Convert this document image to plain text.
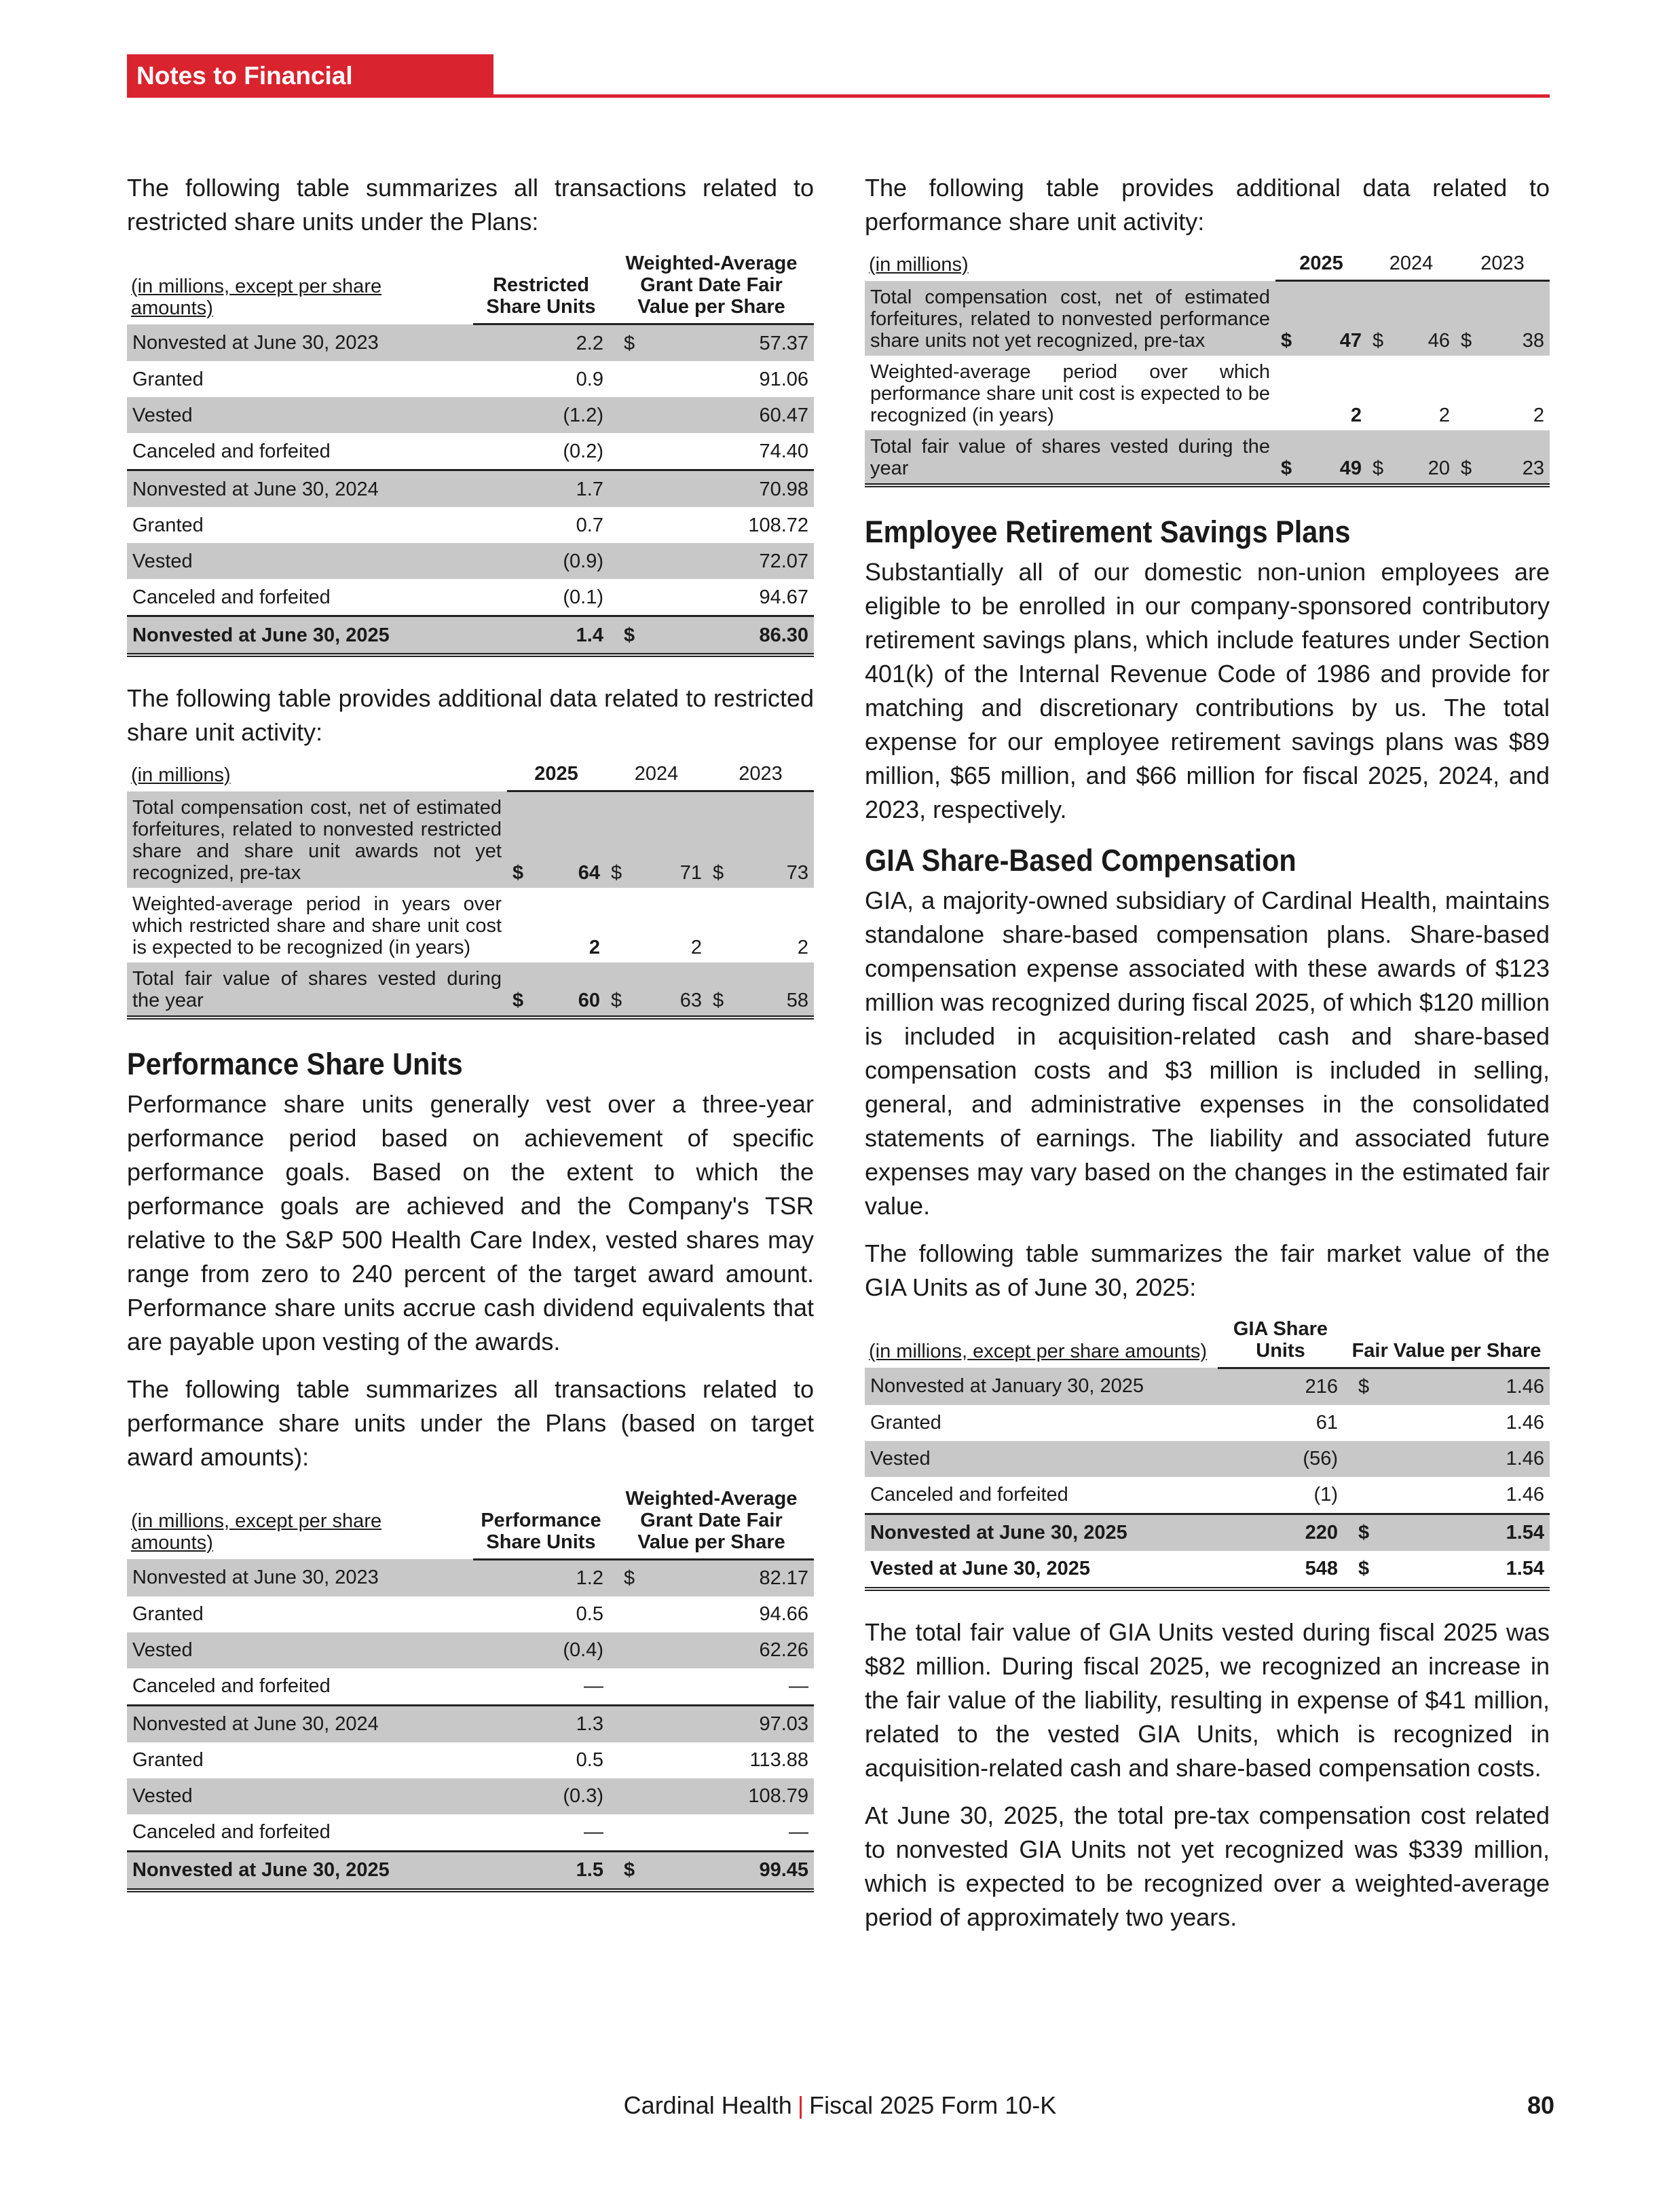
Notes to Financial Statements

The following table summarizes all transactions related to restricted share units under the Plans:

(in millions, except per share amounts)	Restricted Share Units	Weighted-Average Grant Date Fair Value per Share	
Nonvested at June 30, 2023	2.2	$	57.37
Granted	0.9		91.06
Vested	(1.2)		60.47
Canceled and forfeited	(0.2)		74.40
Nonvested at June 30, 2024	1.7		70.98
Granted	0.7		108.72
Vested	(0.9)		72.07
Canceled and forfeited	(0.1)		94.67
Nonvested at June 30, 2025	1.4	$	86.30

The following table provides additional data related to restricted share unit activity:

(in millions)	2025		2024		2023	
Total compensation cost, net of estimated forfeitures, related to nonvested restricted share and share unit awards not yet recognized, pre-tax	$	64	$	71	$	73
Weighted-average period in years over which restricted share and share unit cost is expected to be recognized (in years)		2		2		2
Total fair value of shares vested during the year	$	60	$	63	$	58
Performance Share Units

Performance share units generally vest over a three-year performance period based on achievement of specific performance goals. Based on the extent to which the performance goals are achieved and the Company's TSR relative to the S&P 500 Health Care Index, vested shares may range from zero to 240 percent of the target award amount. Performance share units accrue cash dividend equivalents that are payable upon vesting of the awards.

The following table summarizes all transactions related to performance share units under the Plans (based on target award amounts):

(in millions, except per share amounts)	Performance Share Units	Weighted-Average Grant Date Fair Value per Share	
Nonvested at June 30, 2023	1.2	$	82.17
Granted	0.5		94.66
Vested	(0.4)		62.26
Canceled and forfeited	—		—
Nonvested at June 30, 2024	1.3		97.03
Granted	0.5		113.88
Vested	(0.3)		108.79
Canceled and forfeited	—		—
Nonvested at June 30, 2025	1.5	$	99.45

The following table provides additional data related to performance share unit activity:

(in millions)	2025		2024		2023	
Total compensation cost, net of estimated forfeitures, related to nonvested performance share units not yet recognized, pre-tax	$	47	$	46	$	38
Weighted-average period over which performance share unit cost is expected to be recognized (in years)		2		2		2
Total fair value of shares vested during the year	$	49	$	20	$	23
Employee Retirement Savings Plans

Substantially all of our domestic non-union employees are eligible to be enrolled in our company-sponsored contributory retirement savings plans, which include features under Section 401(k) of the Internal Revenue Code of 1986 and provide for matching and discretionary contributions by us. The total expense for our employee retirement savings plans was $89 million, $65 million, and $66 million for fiscal 2025, 2024, and 2023, respectively.

GIA Share-Based Compensation

GIA, a majority-owned subsidiary of Cardinal Health, maintains standalone share-based compensation plans. Share-based compensation expense associated with these awards of $123 million was recognized during fiscal 2025, of which $120 million is included in acquisition-related cash and share-based compensation costs and $3 million is included in selling, general, and administrative expenses in the consolidated statements of earnings. The liability and associated future expenses may vary based on the changes in the estimated fair value.

The following table summarizes the fair market value of the GIA Units as of June 30, 2025:

(in millions, except per share amounts)	GIA Share Units	Fair Value per Share	
Nonvested at January 30, 2025	216	$	1.46
Granted	61		1.46
Vested	(56)		1.46
Canceled and forfeited	(1)		1.46
Nonvested at June 30, 2025	220	$	1.54
Vested at June 30, 2025	548	$	1.54

The total fair value of GIA Units vested during fiscal 2025 was $82 million. During fiscal 2025, we recognized an increase in the fair value of the liability, resulting in expense of $41 million, related to the vested GIA Units, which is recognized in acquisition-related cash and share-based compensation costs.

At June 30, 2025, the total pre-tax compensation cost related to nonvested GIA Units not yet recognized was $339 million, which is expected to be recognized over a weighted-average period of approximately two years.

Cardinal Health | Fiscal 2025 Form 10-K	80
